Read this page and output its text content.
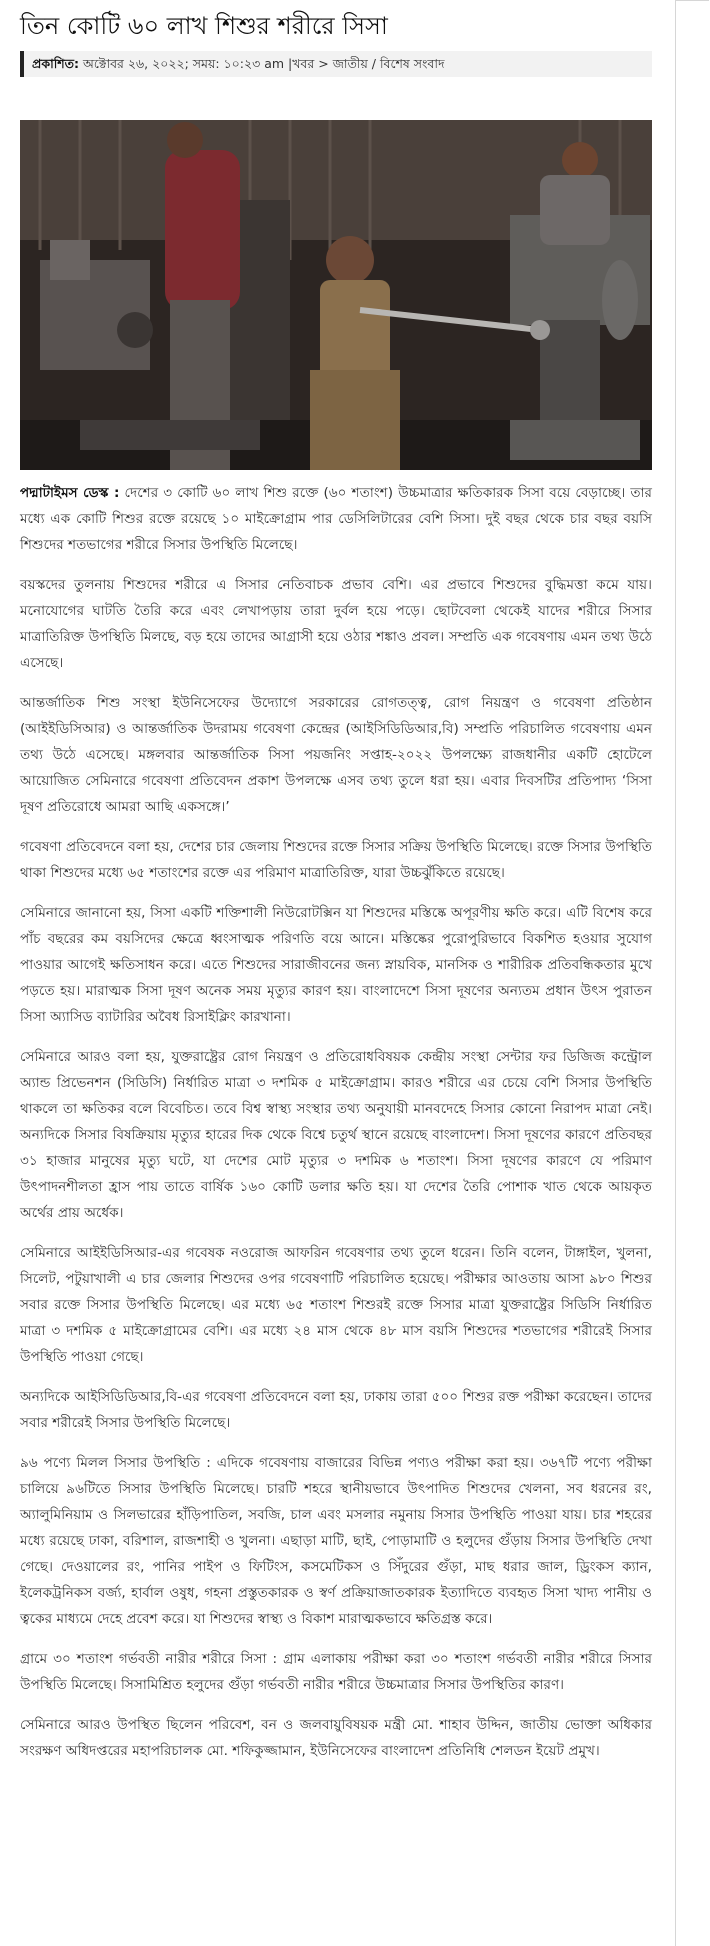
তিন কোটি ৬০ লাখ শিশুর শরীরে সিসা
প্রকাশিত: অক্টোবর ২৬, ২০২২; সময়: ১০:২৩ am |খবর > জাতীয় / বিশেষ সংবাদ

পদ্মাটাইমস ডেস্ক : দেশের ৩ কোটি ৬০ লাখ শিশু রক্তে (৬০ শতাংশ) উচ্চমাত্রার ক্ষতিকারক সিসা বয়ে বেড়াচ্ছে। তার মধ্যে এক কোটি শিশুর রক্তে রয়েছে ১০ মাইক্রোগ্রাম পার ডেসিলিটারের বেশি সিসা। দুই বছর থেকে চার বছর বয়সি শিশুদের শতভাগের শরীরে সিসার উপস্থিতি মিলেছে।

বয়স্কদের তুলনায় শিশুদের শরীরে এ সিসার নেতিবাচক প্রভাব বেশি। এর প্রভাবে শিশুদের বুদ্ধিমত্তা কমে যায়। মনোযোগের ঘাটতি তৈরি করে এবং লেখাপড়ায় তারা দুর্বল হয়ে পড়ে। ছোটবেলা থেকেই যাদের শরীরে সিসার মাত্রাতিরিক্ত উপস্থিতি মিলছে, বড় হয়ে তাদের আগ্রাসী হয়ে ওঠার শঙ্কাও প্রবল। সম্প্রতি এক গবেষণায় এমন তথ্য উঠে এসেছে।

আন্তর্জাতিক শিশু সংস্থা ইউনিসেফের উদ্যোগে সরকারের রোগতত্ত্ব, রোগ নিয়ন্ত্রণ ও গবেষণা প্রতিষ্ঠান (আইইডিসিআর) ও আন্তর্জাতিক উদরাময় গবেষণা কেন্দ্রের (আইসিডিডিআর,বি) সম্প্রতি পরিচালিত গবেষণায় এমন তথ্য উঠে এসেছে। মঙ্গলবার আন্তর্জাতিক সিসা পয়জনিং সপ্তাহ-২০২২ উপলক্ষ্যে রাজধানীর একটি হোটেলে আয়োজিত সেমিনারে গবেষণা প্রতিবেদন প্রকাশ উপলক্ষে এসব তথ্য তুলে ধরা হয়। এবার দিবসটির প্রতিপাদ্য ‘সিসা দূষণ প্রতিরোধে আমরা আছি একসঙ্গে।’

গবেষণা প্রতিবেদনে বলা হয়, দেশের চার জেলায় শিশুদের রক্তে সিসার সক্রিয় উপস্থিতি মিলেছে। রক্তে সিসার উপস্থিতি থাকা শিশুদের মধ্যে ৬৫ শতাংশের রক্তে এর পরিমাণ মাত্রাতিরিক্ত, যারা উচ্চঝুঁকিতে রয়েছে।

সেমিনারে জানানো হয়, সিসা একটি শক্তিশালী নিউরোটক্সিন যা শিশুদের মস্তিষ্কে অপূরণীয় ক্ষতি করে। এটি বিশেষ করে পাঁচ বছরের কম বয়সিদের ক্ষেত্রে ধ্বংসাত্মক পরিণতি বয়ে আনে। মস্তিষ্কের পুরোপুরিভাবে বিকশিত হওয়ার সুযোগ পাওয়ার আগেই ক্ষতিসাধন করে। এতে শিশুদের সারাজীবনের জন্য স্নায়বিক, মানসিক ও শারীরিক প্রতিবন্ধিকতার মুখে পড়তে হয়। মারাত্মক সিসা দূষণ অনেক সময় মৃত্যুর কারণ হয়। বাংলাদেশে সিসা দূষণের অন্যতম প্রধান উৎস পুরাতন সিসা অ্যাসিড ব্যাটারির অবৈধ রিসাইক্লিং কারখানা।

সেমিনারে আরও বলা হয়, যুক্তরাষ্ট্রের রোগ নিয়ন্ত্রণ ও প্রতিরোধবিষয়ক কেন্দ্রীয় সংস্থা সেন্টার ফর ডিজিজ কন্ট্রোল অ্যান্ড প্রিভেনশন (সিডিসি) নির্ধারিত মাত্রা ৩ দশমিক ৫ মাইক্রোগ্রাম। কারও শরীরে এর চেয়ে বেশি সিসার উপস্থিতি থাকলে তা ক্ষতিকর বলে বিবেচিত। তবে বিশ্ব স্বাস্থ্য সংস্থার তথ্য অনুযায়ী মানবদেহে সিসার কোনো নিরাপদ মাত্রা নেই। অন্যদিকে সিসার বিষক্রিয়ায় মৃত্যুর হারের দিক থেকে বিশ্বে চতুর্থ স্থানে রয়েছে বাংলাদেশ। সিসা দূষণের কারণে প্রতিবছর ৩১ হাজার মানুষের মৃত্যু ঘটে, যা দেশের মোট মৃত্যুর ৩ দশমিক ৬ শতাংশ। সিসা দূষণের কারণে যে পরিমাণ উৎপাদনশীলতা হ্রাস পায় তাতে বার্ষিক ১৬০ কোটি ডলার ক্ষতি হয়। যা দেশের তৈরি পোশাক খাত থেকে আয়কৃত অর্থের প্রায় অর্ধেক।

সেমিনারে আইইডিসিআর-এর গবেষক নওরোজ আফরিন গবেষণার তথ্য তুলে ধরেন। তিনি বলেন, টাঙ্গাইল, খুলনা, সিলেট, পটুয়াখালী এ চার জেলার শিশুদের ওপর গবেষণাটি পরিচালিত হয়েছে। পরীক্ষার আওতায় আসা ৯৮০ শিশুর সবার রক্তে সিসার উপস্থিতি মিলেছে। এর মধ্যে ৬৫ শতাংশ শিশুরই রক্তে সিসার মাত্রা যুক্তরাষ্ট্রের সিডিসি নির্ধারিত মাত্রা ৩ দশমিক ৫ মাইক্রোগ্রামের বেশি। এর মধ্যে ২৪ মাস থেকে ৪৮ মাস বয়সি শিশুদের শতভাগের শরীরেই সিসার উপস্থিতি পাওয়া গেছে।

অন্যদিকে আইসিডিডিআর,বি-এর গবেষণা প্রতিবেদনে বলা হয়, ঢাকায় তারা ৫০০ শিশুর রক্ত পরীক্ষা করেছেন। তাদের সবার শরীরেই সিসার উপস্থিতি মিলেছে।

৯৬ পণ্যে মিলল সিসার উপস্থিতি : এদিকে গবেষণায় বাজারের বিভিন্ন পণ্যও পরীক্ষা করা হয়। ৩৬৭টি পণ্যে পরীক্ষা চালিয়ে ৯৬টিতে সিসার উপস্থিতি মিলেছে। চারটি শহরে স্থানীয়ভাবে উৎপাদিত শিশুদের খেলনা, সব ধরনের রং, অ্যালুমিনিয়াম ও সিলভারের হাঁড়িপাতিল, সবজি, চাল এবং মসলার নমুনায় সিসার উপস্থিতি পাওয়া যায়। চার শহরের মধ্যে রয়েছে ঢাকা, বরিশাল, রাজশাহী ও খুলনা। এছাড়া মাটি, ছাই, পোড়ামাটি ও হলুদের গুঁড়ায় সিসার উপস্থিতি দেখা গেছে। দেওয়ালের রং, পানির পাইপ ও ফিটিংস, কসমেটিকস ও সিঁদুরের গুঁড়া, মাছ ধরার জাল, ড্রিংকস ক্যান, ইলেকট্রনিকস বর্জ্য, হার্বাল ওষুধ, গহনা প্রস্তুতকারক ও স্বর্ণ প্রক্রিয়াজাতকারক ইত্যাদিতে ব্যবহৃত সিসা খাদ্য পানীয় ও ত্বকের মাধ্যমে দেহে প্রবেশ করে। যা শিশুদের স্বাস্থ্য ও বিকাশ মারাত্মকভাবে ক্ষতিগ্রস্ত করে।

গ্রামে ৩০ শতাংশ গর্ভবতী নারীর শরীরে সিসা : গ্রাম এলাকায় পরীক্ষা করা ৩০ শতাংশ গর্ভবতী নারীর শরীরে সিসার উপস্থিতি মিলেছে। সিসামিশ্রিত হলুদের গুঁড়া গর্ভবতী নারীর শরীরে উচ্চমাত্রার সিসার উপস্থিতির কারণ।

সেমিনারে আরও উপস্থিত ছিলেন পরিবেশ, বন ও জলবায়ুবিষয়ক মন্ত্রী মো. শাহাব উদ্দিন, জাতীয় ভোক্তা অধিকার সংরক্ষণ অধিদপ্তরের মহাপরিচালক মো. শফিকুজ্জামান, ইউনিসেফের বাংলাদেশ প্রতিনিধি শেলডন ইয়েট প্রমুখ।
